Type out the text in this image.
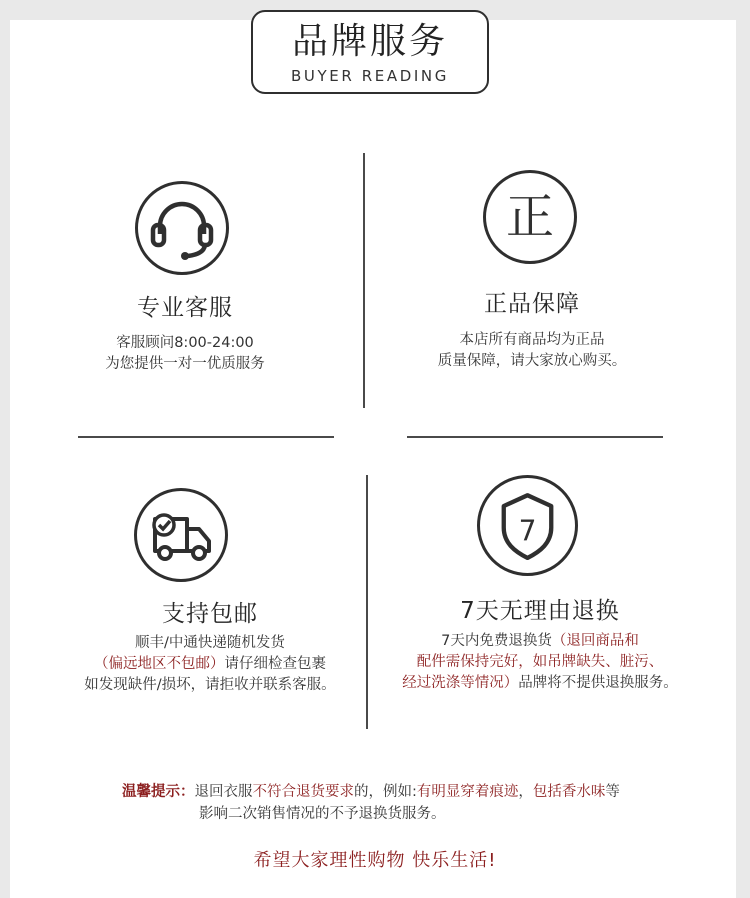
品牌服务
BUYER READING
专业客服
客服顾问8:00-24:00
为您提供一对一优质服务
正
正品保障
本店所有商品均为正品
质量保障，请大家放心购买。
支持包邮
顺丰/中通快递随机发货
（偏远地区不包邮）请仔细检查包裹
如发现缺件/损坏，请拒收并联系客服。
7
7天无理由退换
7天内免费退换货（退回商品和
配件需保持完好，如吊牌缺失、脏污、
经过洗涤等情况）品牌将不提供退换服务。
温馨提示：退回衣服不符合退货要求的，例如:有明显穿着痕迹，包括香水味等
影响二次销售情况的不予退换货服务。
希望大家理性购物 快乐生活!
